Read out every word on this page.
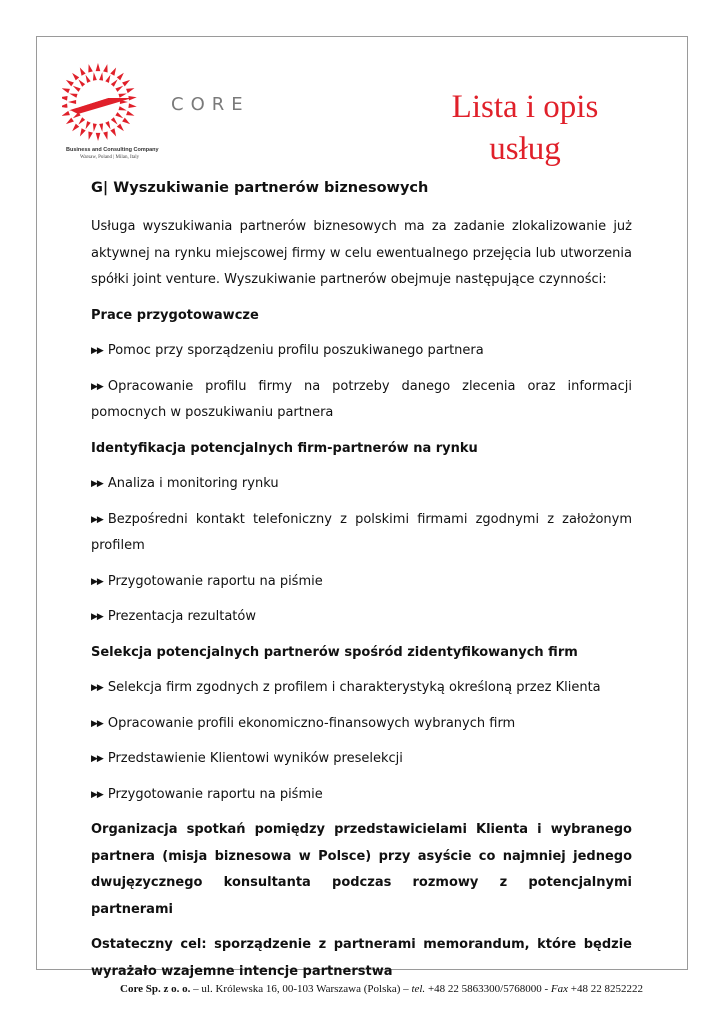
CORE
Business and Consulting Company
Warsaw, Poland | Milan, Italy
Lista i opis
usług
G| Wyszukiwanie partnerów biznesowych
Usługa wyszukiwania partnerów biznesowych ma za zadanie zlokalizowanie już aktywnej na rynku miejscowej firmy w celu ewentualnego przejęcia lub utworzenia spółki joint venture. Wyszukiwanie partnerów obejmuje następujące czynności:
Prace przygotowawcze
▶▶ Pomoc przy sporządzeniu profilu poszukiwanego partnera
▶▶ Opracowanie profilu firmy na potrzeby danego zlecenia oraz informacji pomocnych w poszukiwaniu partnera
Identyfikacja potencjalnych firm-partnerów na rynku
▶▶ Analiza i monitoring rynku
▶▶ Bezpośredni kontakt telefoniczny z polskimi firmami zgodnymi z założonym profilem
▶▶ Przygotowanie raportu na piśmie
▶▶ Prezentacja rezultatów
Selekcja potencjalnych partnerów spośród zidentyfikowanych firm
▶▶ Selekcja firm zgodnych z profilem i charakterystyką określoną przez Klienta
▶▶ Opracowanie profili ekonomiczno-finansowych wybranych firm
▶▶ Przedstawienie Klientowi wyników preselekcji
▶▶ Przygotowanie raportu na piśmie
Organizacja spotkań pomiędzy przedstawicielami Klienta i wybranego partnera (misja biznesowa w Polsce) przy asyście co najmniej jednego dwujęzycznego konsultanta podczas rozmowy z potencjalnymi partnerami
Ostateczny cel: sporządzenie z partnerami memorandum, które będzie wyrażało wzajemne intencje partnerstwa
Core Sp. z o. o. – ul. Królewska 16, 00-103 Warszawa (Polska) – tel. +48 22 5863300/5768000 - Fax +48 22 8252222
